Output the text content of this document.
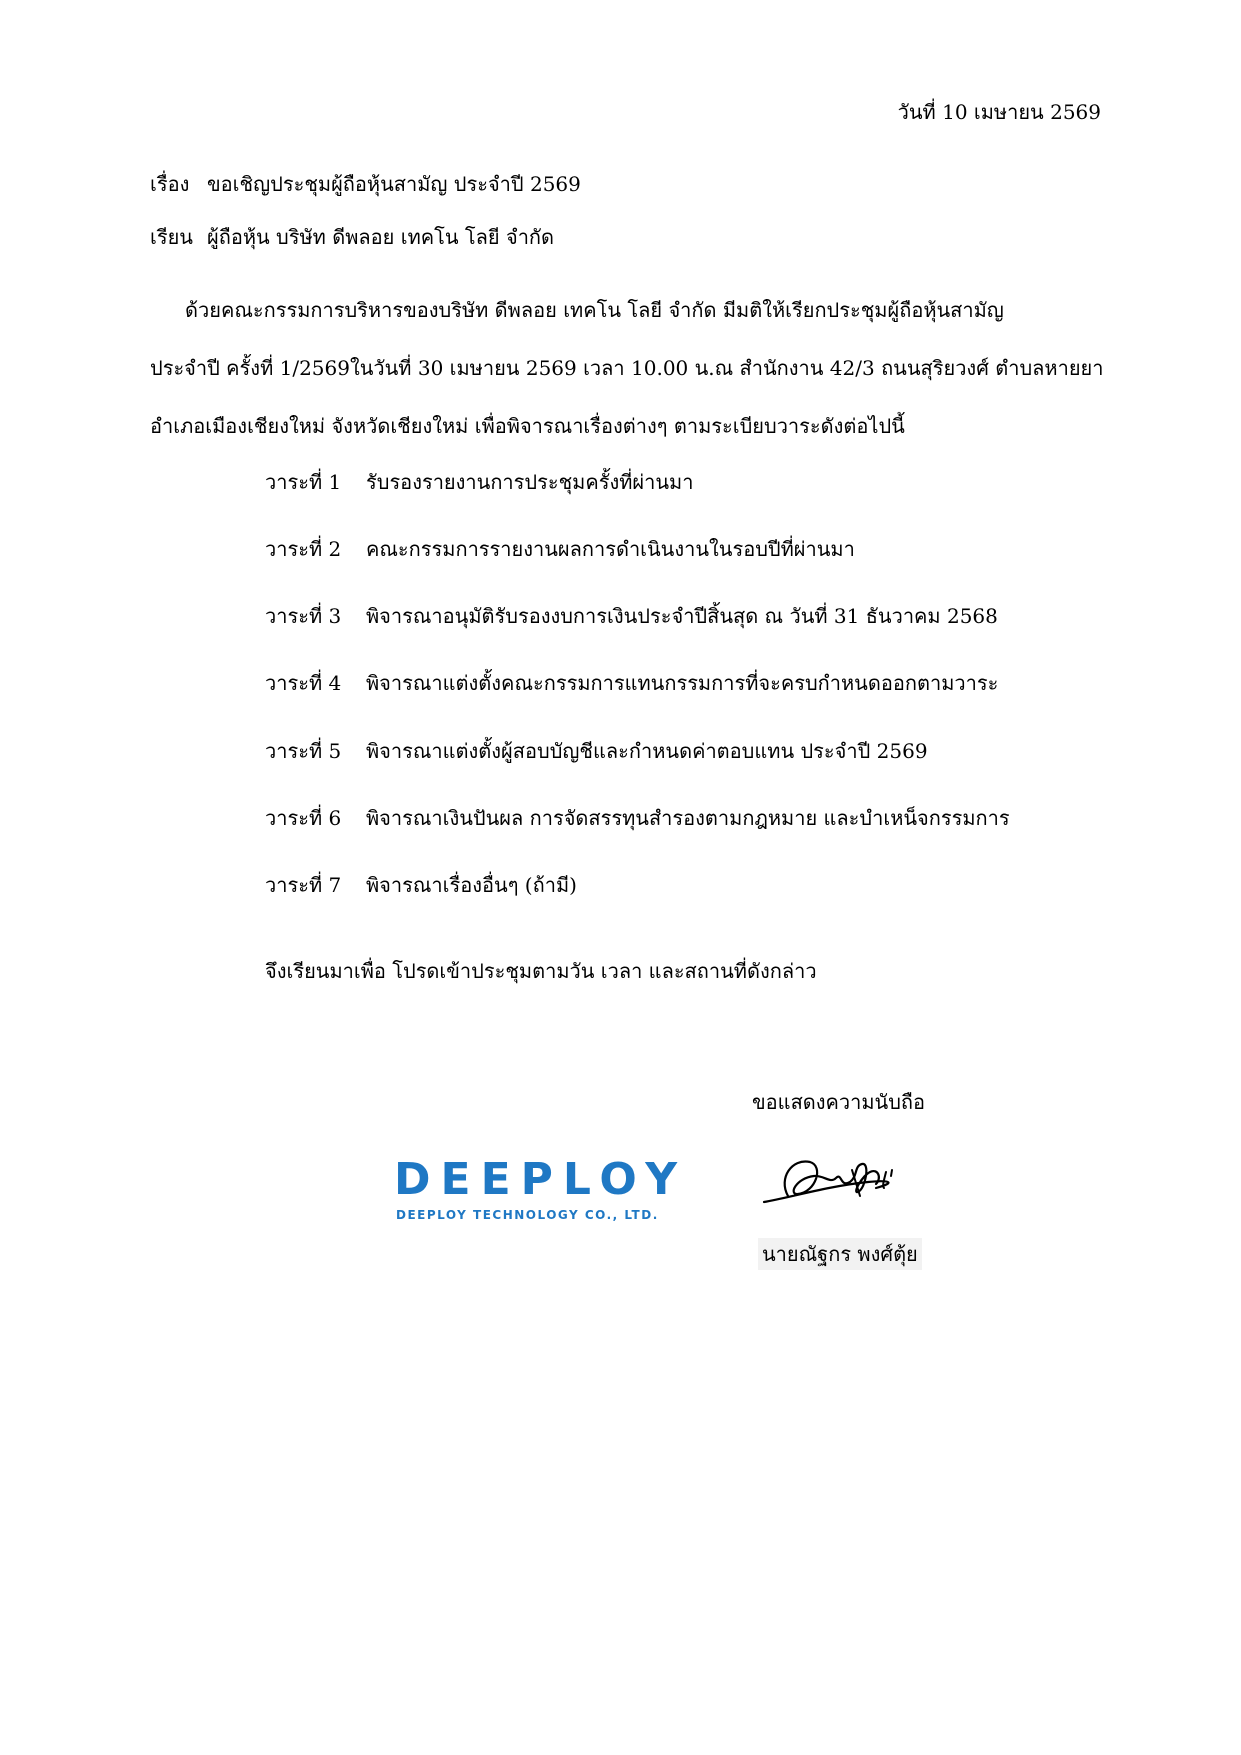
วันที่ 10 เมษายน 2569
เรื่อง ขอเชิญประชุมผู้ถือหุ้นสามัญ ประจำปี 2569
เรียน ผู้ถือหุ้น บริษัท ดีพลอย เทคโน โลยี จำกัด
ด้วยคณะกรรมการบริหารของบริษัท ดีพลอย เทคโน โลยี จำกัด มีมติให้เรียกประชุมผู้ถือหุ้นสามัญ
ประจำปี ครั้งที่ 1/2569ในวันที่ 30 เมษายน 2569 เวลา 10.00 น.ณ สำนักงาน 42/3 ถนนสุริยวงศ์ ตำบลหายยา
อำเภอเมืองเชียงใหม่ จังหวัดเชียงใหม่ เพื่อพิจารณาเรื่องต่างๆ ตามระเบียบวาระดังต่อไปนี้
วาระที่ 1 รับรองรายงานการประชุมครั้งที่ผ่านมา
วาระที่ 2 คณะกรรมการรายงานผลการดำเนินงานในรอบปีที่ผ่านมา
วาระที่ 3 พิจารณาอนุมัติรับรองงบการเงินประจำปีสิ้นสุด ณ วันที่ 31 ธันวาคม 2568
วาระที่ 4 พิจารณาแต่งตั้งคณะกรรมการแทนกรรมการที่จะครบกำหนดออกตามวาระ
วาระที่ 5 พิจารณาแต่งตั้งผู้สอบบัญชีและกำหนดค่าตอบแทน ประจำปี 2569
วาระที่ 6 พิจารณาเงินปันผล การจัดสรรทุนสำรองตามกฎหมาย และบำเหน็จกรรมการ
วาระที่ 7 พิจารณาเรื่องอื่นๆ (ถ้ามี)
จึงเรียนมาเพื่อ โปรดเข้าประชุมตามวัน เวลา และสถานที่ดังกล่าว
ขอแสดงความนับถือ
DEEPLOY
DEEPLOY TECHNOLOGY CO., LTD.
นายณัฐกร พงศ์ตุ้ย
